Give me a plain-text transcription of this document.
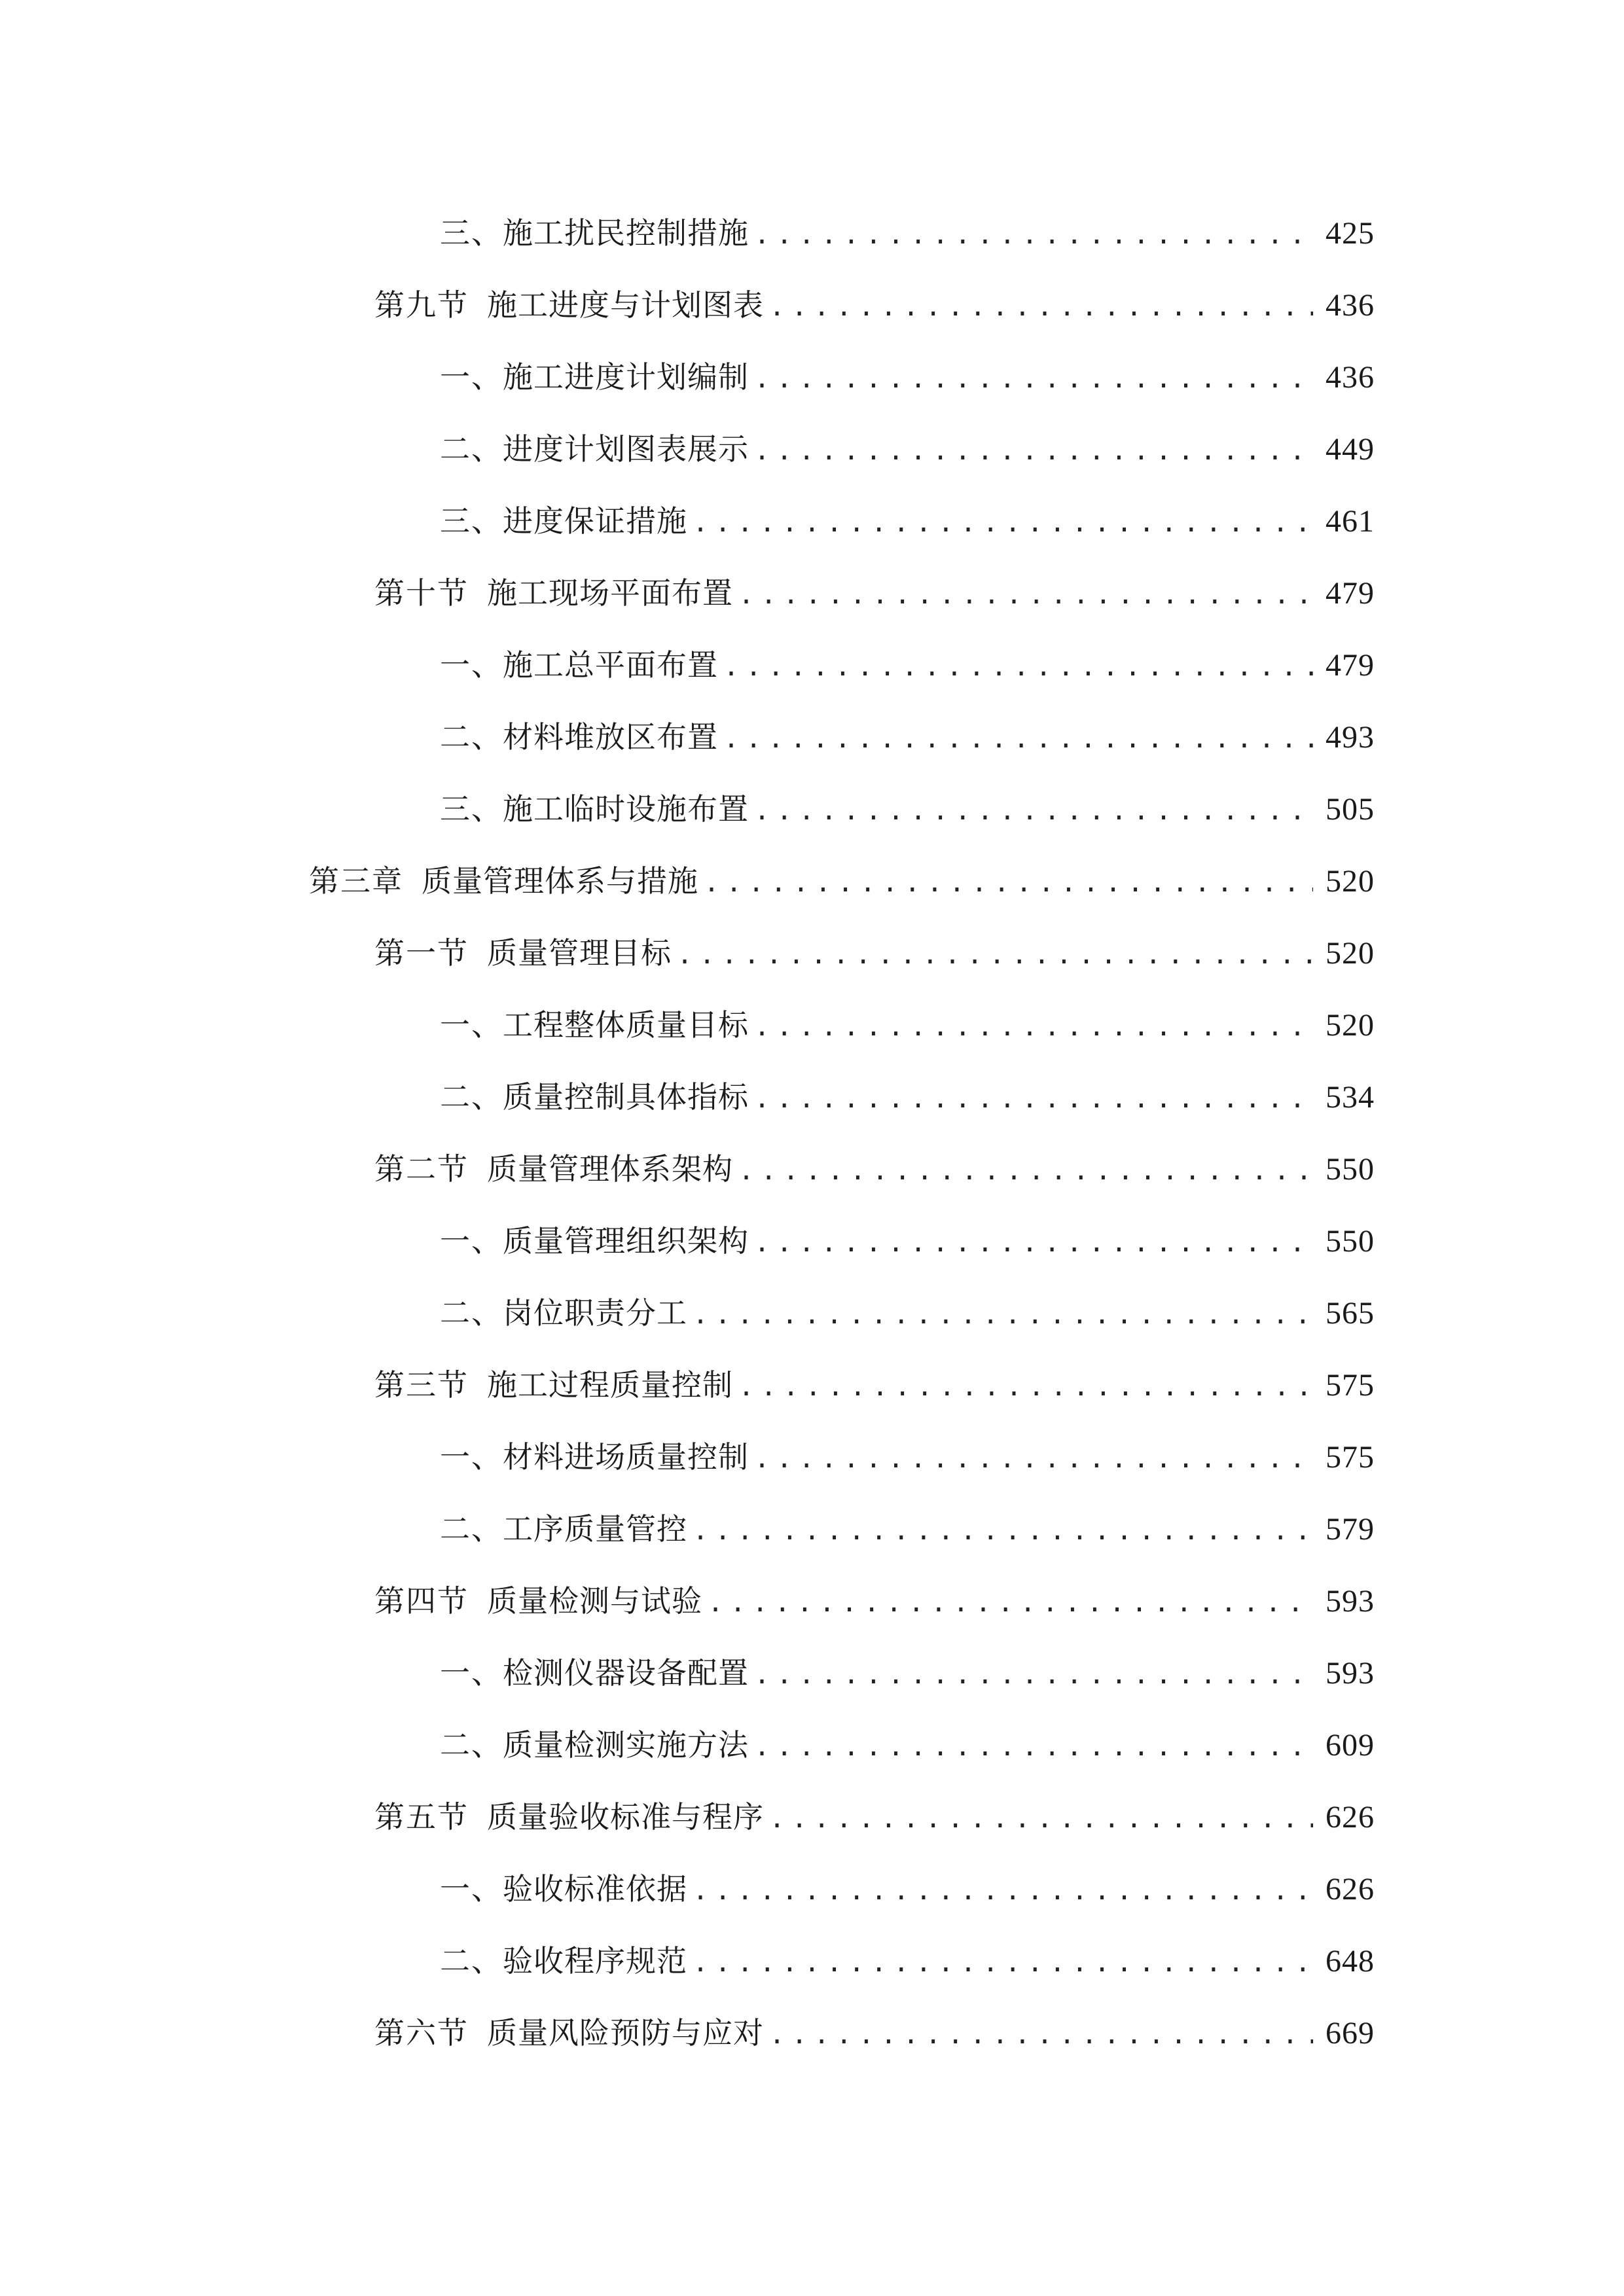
三、 施工扰民控制措施 .....	425
第九节 施工进度与计划图表 .....	436
一、 施工进度计划编制 .....	436
二、 进度计划图表展示 .....	449
三、 进度保证措施 .....	461
第十节 施工现场平面布置 .....	479
一、 施工总平面布置 .....	479
二、 材料堆放区布置 .....	493
三、 施工临时设施布置 .....	505
第三章 质量管理体系与措施 .....	520
第一节 质量管理目标 .....	520
一、 工程整体质量目标 .....	520
二、 质量控制具体指标 .....	534
第二节 质量管理体系架构 .....	550
一、 质量管理组织架构 .....	550
二、 岗位职责分工 .....	565
第三节 施工过程质量控制 .....	575
一、 材料进场质量控制 .....	575
二、 工序质量管控 .....	579
第四节 质量检测与试验 .....	593
一、 检测仪器设备配置 .....	593
二、 质量检测实施方法 .....	609
第五节 质量验收标准与程序 .....	626
一、 验收标准依据 .....	626
二、 验收程序规范 .....	648
第六节 质量风险预防与应对 .....	669
